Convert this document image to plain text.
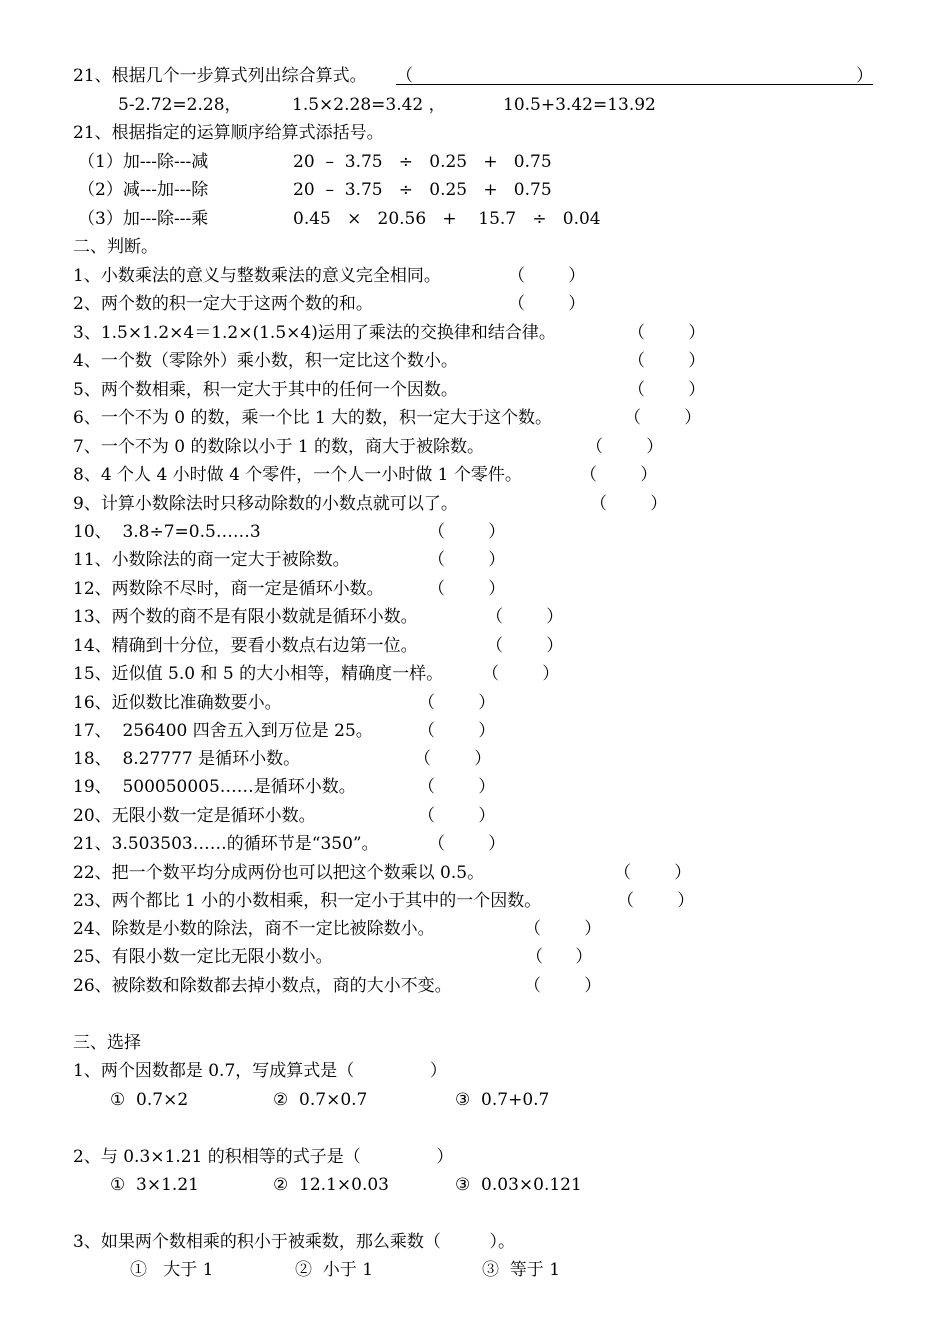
21、根据几个一步算式列出综合算式。 （                                                                                  ）
5-2.72=2.28，	1.5×2.28=3.42 ，	10.5+3.42=13.92
21、根据指定的运算顺序给算式添括号。
（1）加---除---减	20  –  3.75   ÷   0.25   +   0.75
（2）减---加---除	20  –  3.75   ÷   0.25   +   0.75
（3）加---除---乘	0.45   ×   20.56   +    15.7   ÷   0.04
二、判断。
1、小数乘法的意义与整数乘法的意义完全相同。	（        ）
2、两个数的积一定大于这两个数的和。	（        ）
3、1.5×1.2×4＝1.2×(1.5×4)运用了乘法的交换律和结合律。	（        ）
4、一个数（零除外）乘小数，积一定比这个数小。	（        ）
5、两个数相乘，积一定大于其中的任何一个因数。	（        ）
6、一个不为 0 的数，乘一个比 1 大的数，积一定大于这个数。	（        ）
7、一个不为 0 的数除以小于 1 的数，商大于被除数。	（        ）
8、4 个人 4 小时做 4 个零件，一个人一小时做 1 个零件。	（        ）
9、计算小数除法时只移动除数的小数点就可以了。	（        ）
10、  3.8÷7=0.5……3	（        ）
11、小数除法的商一定大于被除数。	（        ）
12、两数除不尽时，商一定是循环小数。	（        ）
13、两个数的商不是有限小数就是循环小数。	（        ）
14、精确到十分位，要看小数点右边第一位。	（        ）
15、近似值 5.0 和 5 的大小相等，精确度一样。 （        ）
16、近似数比准确数要小。	（        ）
17、  256400 四舍五入到万位是 25。	（        ）
18、  8.27777 是循环小数。	（        ）
19、  500050005……是循环小数。	（        ）
20、无限小数一定是循环小数。	（        ）
21、3.503503……的循环节是“350”。	（        ）
22、把一个数平均分成两份也可以把这个数乘以 0.5。	（        ）
23、两个都比 1 小的小数相乘，积一定小于其中的一个因数。	（        ）
24、除数是小数的除法，商不一定比被除数小。	（        ）
25、有限小数一定比无限小数小。	（      ）
26、被除数和除数都去掉小数点，商的大小不变。	（        ）
三、选择
1、两个因数都是 0.7，写成算式是（              ）
①  0.7×2	②  0.7×0.7	③  0.7+0.7
2、与 0.3×1.21 的积相等的式子是（              ）
①  3×1.21	②  12.1×0.03	③  0.03×0.121
3、如果两个数相乘的积小于被乘数，那么乘数（         ）。
①   大于 1	②  小于 1	③  等于 1
